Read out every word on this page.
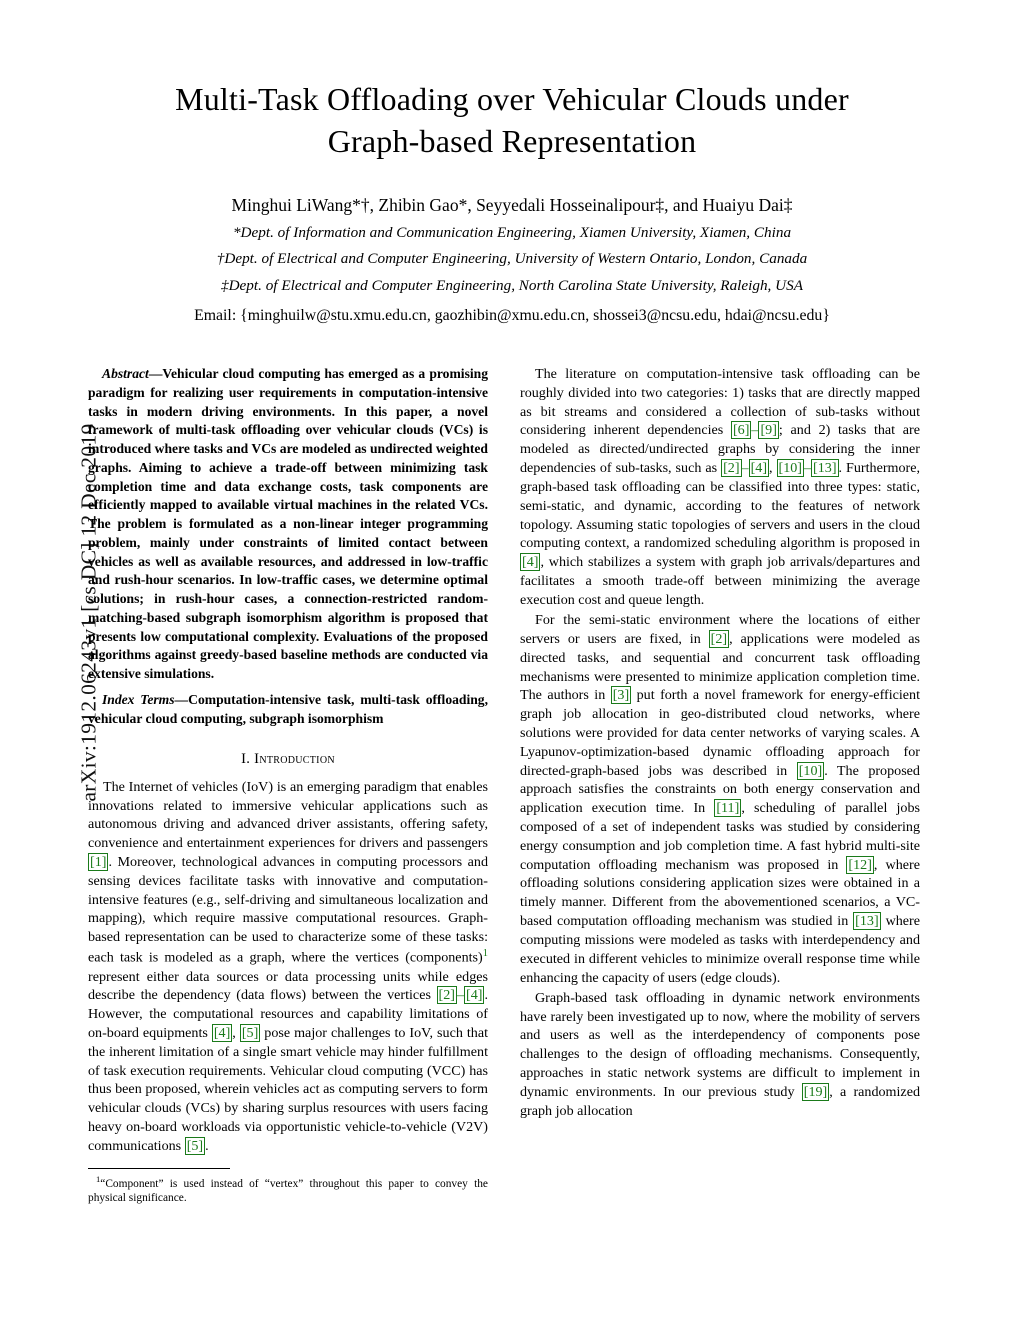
arXiv:1912.06243v1 [cs.DC] 12 Dec 2019
Multi-Task Offloading over Vehicular Clouds under
Graph-based Representation
Minghui LiWang*†, Zhibin Gao*, Seyyedali Hosseinalipour‡, and Huaiyu Dai‡
*Dept. of Information and Communication Engineering, Xiamen University, Xiamen, China
†Dept. of Electrical and Computer Engineering, University of Western Ontario, London, Canada
‡Dept. of Electrical and Computer Engineering, North Carolina State University, Raleigh, USA
Email: {minghuilw@stu.xmu.edu.cn, gaozhibin@xmu.edu.cn, shossei3@ncsu.edu, hdai@ncsu.edu}

Abstract—Vehicular cloud computing has emerged as a promising paradigm for realizing user requirements in computation-intensive tasks in modern driving environments. In this paper, a novel framework of multi-task offloading over vehicular clouds (VCs) is introduced where tasks and VCs are modeled as undirected weighted graphs. Aiming to achieve a trade-off between minimizing task completion time and data exchange costs, task components are efficiently mapped to available virtual machines in the related VCs. The problem is formulated as a non-linear integer programming problem, mainly under constraints of limited contact between vehicles as well as available resources, and addressed in low-traffic and rush-hour scenarios. In low-traffic cases, we determine optimal solutions; in rush-hour cases, a connection-restricted random-matching-based subgraph isomorphism algorithm is proposed that presents low computational complexity. Evaluations of the proposed algorithms against greedy-based baseline methods are conducted via extensive simulations.

Index Terms—Computation-intensive task, multi-task offloading, vehicular cloud computing, subgraph isomorphism

I. Introduction

The Internet of vehicles (IoV) is an emerging paradigm that enables innovations related to immersive vehicular applications such as autonomous driving and advanced driver assistants, offering safety, convenience and entertainment experiences for drivers and passengers [1] . Moreover, technological advances in computing processors and sensing devices facilitate tasks with innovative and computation-intensive features (e.g., self-driving and simultaneous localization and mapping), which require massive computational resources. Graph-based representation can be used to characterize some of these tasks: each task is modeled as a graph, where the vertices (components)$^1$ represent either data sources or data processing units while edges describe the dependency (data flows) between the vertices [2] – [4] . However, the computational resources and capability limitations of on-board equipments [4] , [5] pose major challenges to IoV, such that the inherent limitation of a single smart vehicle may hinder fulfillment of task execution requirements. Vehicular cloud computing (VCC) has thus been proposed, wherein vehicles act as computing servers to form vehicular clouds (VCs) by sharing surplus resources with users facing heavy on-board workloads via opportunistic vehicle-to-vehicle (V2V) communications [5] .

$^1$“Component” is used instead of “vertex” throughout this paper to convey the physical significance.

The literature on computation-intensive task offloading can be roughly divided into two categories: 1) tasks that are directly mapped as bit streams and considered a collection of sub-tasks without considering inherent dependencies [6] – [9] ; and 2) tasks that are modeled as directed/undirected graphs by considering the inner dependencies of sub-tasks, such as [2] – [4] , [10] – [13] . Furthermore, graph-based task offloading can be classified into three types: static, semi-static, and dynamic, according to the features of network topology. Assuming static topologies of servers and users in the cloud computing context, a randomized scheduling algorithm is proposed in [4] , which stabilizes a system with graph job arrivals/departures and facilitates a smooth trade-off between minimizing the average execution cost and queue length.

For the semi-static environment where the locations of either servers or users are fixed, in [2] , applications were modeled as directed tasks, and sequential and concurrent task offloading mechanisms were presented to minimize application completion time. The authors in [3] put forth a novel framework for energy-efficient graph job allocation in geo-distributed cloud networks, where solutions were provided for data center networks of varying scales. A Lyapunov-optimization-based dynamic offloading approach for directed-graph-based jobs was described in [10] . The proposed approach satisfies the constraints on both energy conservation and application execution time. In [11] , scheduling of parallel jobs composed of a set of independent tasks was studied by considering energy consumption and job completion time. A fast hybrid multi-site computation offloading mechanism was proposed in [12] , where offloading solutions considering application sizes were obtained in a timely manner. Different from the abovementioned scenarios, a VC-based computation offloading mechanism was studied in [13] where computing missions were modeled as tasks with interdependency and executed in different vehicles to minimize overall response time while enhancing the capacity of users (edge clouds).

Graph-based task offloading in dynamic network environments have rarely been investigated up to now, where the mobility of servers and users as well as the interdependency of components pose challenges to the design of offloading mechanisms. Consequently, approaches in static network systems are difficult to implement in dynamic environments. In our previous study [19] , a randomized graph job allocation
